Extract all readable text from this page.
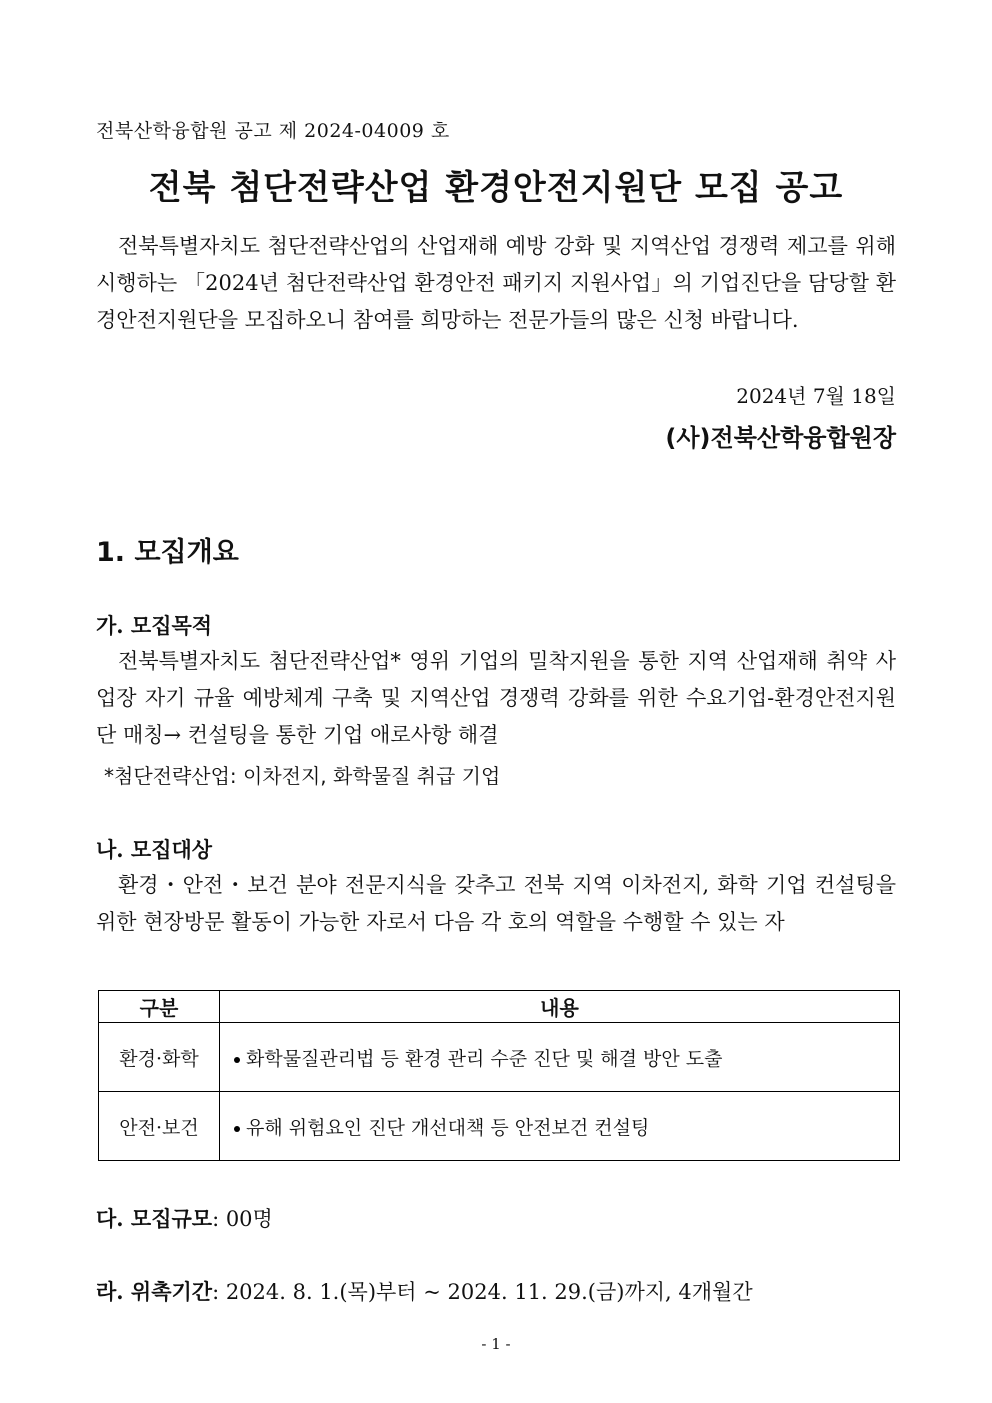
전북산학융합원 공고 제 2024-04009 호
전북 첨단전략산업 환경안전지원단 모집 공고
전북특별자치도 첨단전략산업의 산업재해 예방 강화 및 지역산업 경쟁력 제고를 위해 시행하는 「2024년 첨단전략산업 환경안전 패키지 지원사업」의 기업진단을 담당할 환경안전지원단을 모집하오니 참여를 희망하는 전문가들의 많은 신청 바랍니다.
2024년 7월 18일
(사)전북산학융합원장
1. 모집개요
가. 모집목적
전북특별자치도 첨단전략산업* 영위 기업의 밀착지원을 통한 지역 산업재해 취약 사업장 자기 규율 예방체계 구축 및 지역산업 경쟁력 강화를 위한 수요기업-환경안전지원단 매칭→ 컨설팅을 통한 기업 애로사항 해결
*첨단전략산업: 이차전지, 화학물질 취급 기업
나. 모집대상
환경・안전・보건 분야 전문지식을 갖추고 전북 지역 이차전지, 화학 기업 컨설팅을 위한 현장방문 활동이 가능한 자로서 다음 각 호의 역할을 수행할 수 있는 자
구분	내용
환경·화학	화학물질관리법 등 환경 관리 수준 진단 및 해결 방안 도출
안전·보건	유해 위험요인 진단 개선대책 등 안전보건 컨설팅
다. 모집규모: 00명
라. 위촉기간: 2024. 8. 1.(목)부터 ~ 2024. 11. 29.(금)까지, 4개월간
- 1 -
